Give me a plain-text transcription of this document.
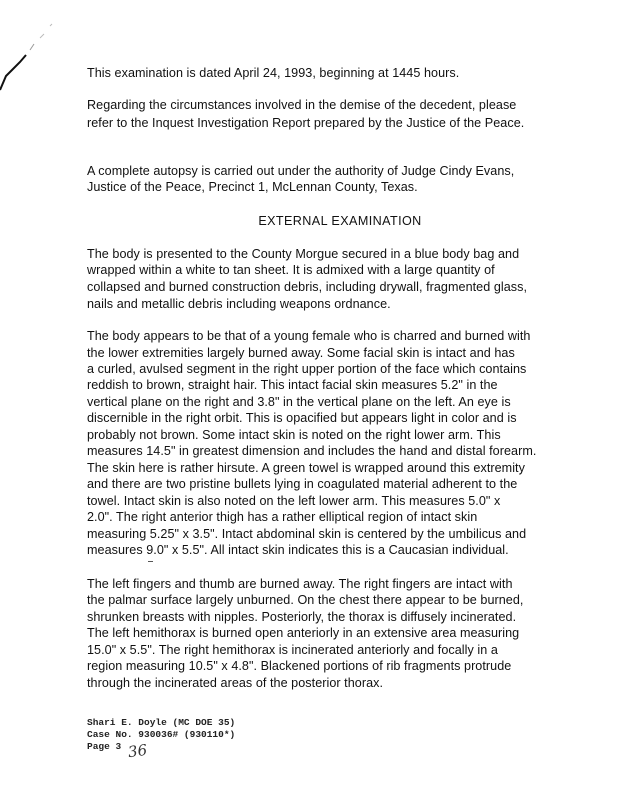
This examination is dated April 24, 1993, beginning at 1445 hours.
Regarding the circumstances involved in the demise of the decedent, please
refer to the Inquest Investigation Report prepared by the Justice of the Peace.
A complete autopsy is carried out under the authority of Judge Cindy Evans,
Justice of the Peace, Precinct 1, McLennan County, Texas.
EXTERNAL EXAMINATION
The body is presented to the County Morgue secured in a blue body bag and
wrapped within a white to tan sheet. It is admixed with a large quantity of
collapsed and burned construction debris, including drywall, fragmented glass,
nails and metallic debris including weapons ordnance.
The body appears to be that of a young female who is charred and burned with
the lower extremities largely burned away. Some facial skin is intact and has
a curled, avulsed segment in the right upper portion of the face which contains
reddish to brown, straight hair. This intact facial skin measures 5.2" in the
vertical plane on the right and 3.8" in the vertical plane on the left. An eye is
discernible in the right orbit. This is opacified but appears light in color and is
probably not brown. Some intact skin is noted on the right lower arm. This
measures 14.5" in greatest dimension and includes the hand and distal forearm.
The skin here is rather hirsute. A green towel is wrapped around this extremity
and there are two pristine bullets lying in coagulated material adherent to the
towel. Intact skin is also noted on the left lower arm. This measures 5.0" x
2.0". The right anterior thigh has a rather elliptical region of intact skin
measuring 5.25" x 3.5". Intact abdominal skin is centered by the umbilicus and
measures 9.0" x 5.5". All intact skin indicates this is a Caucasian individual.
The left fingers and thumb are burned away. The right fingers are intact with
the palmar surface largely unburned. On the chest there appear to be burned,
shrunken breasts with nipples. Posteriorly, the thorax is diffusely incinerated.
The left hemithorax is burned open anteriorly in an extensive area measuring
15.0" x 5.5". The right hemithorax is incinerated anteriorly and focally in a
region measuring 10.5" x 4.8". Blackened portions of rib fragments protrude
through the incinerated areas of the posterior thorax.
Shari E. Doyle (MC DOE 35)
Case No. 930036# (930110*)
Page 3 36
